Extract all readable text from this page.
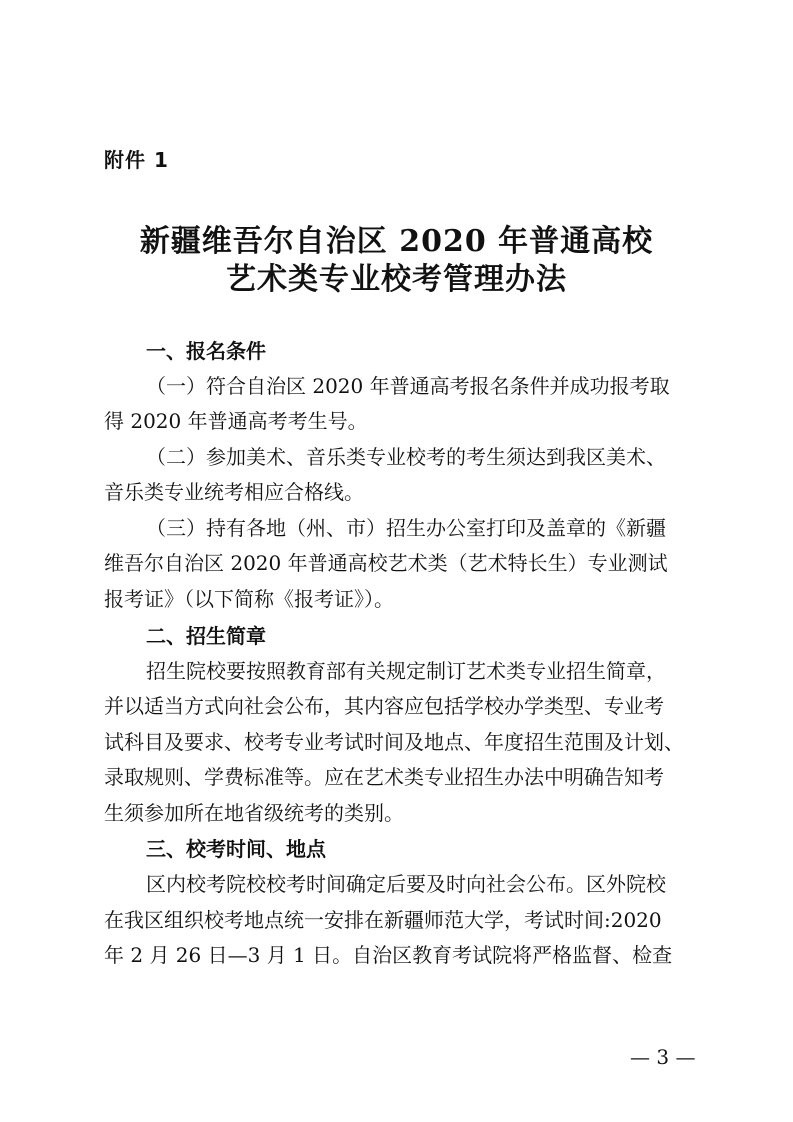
附件 1
新疆维吾尔自治区 2020 年普通高校
艺术类专业校考管理办法
一、报名条件
（一）符合自治区 2020 年普通高考报名条件并成功报考取
得 2020 年普通高考考生号。
（二）参加美术、音乐类专业校考的考生须达到我区美术、
音乐类专业统考相应合格线。
（三）持有各地（州、市）招生办公室打印及盖章的《新疆
维吾尔自治区 2020 年普通高校艺术类（艺术特长生）专业测试
报考证》（以下简称《报考证》）。
二、招生简章
招生院校要按照教育部有关规定制订艺术类专业招生简章，
并以适当方式向社会公布，其内容应包括学校办学类型、专业考
试科目及要求、校考专业考试时间及地点、年度招生范围及计划、
录取规则、学费标准等。应在艺术类专业招生办法中明确告知考
生须参加所在地省级统考的类别。
三、校考时间、地点
区内校考院校校考时间确定后要及时向社会公布。区外院校
在我区组织校考地点统一安排在新疆师范大学，考试时间:2020
年 2 月 26 日—3 月 1 日。自治区教育考试院将严格监督、检查
— 3 —
